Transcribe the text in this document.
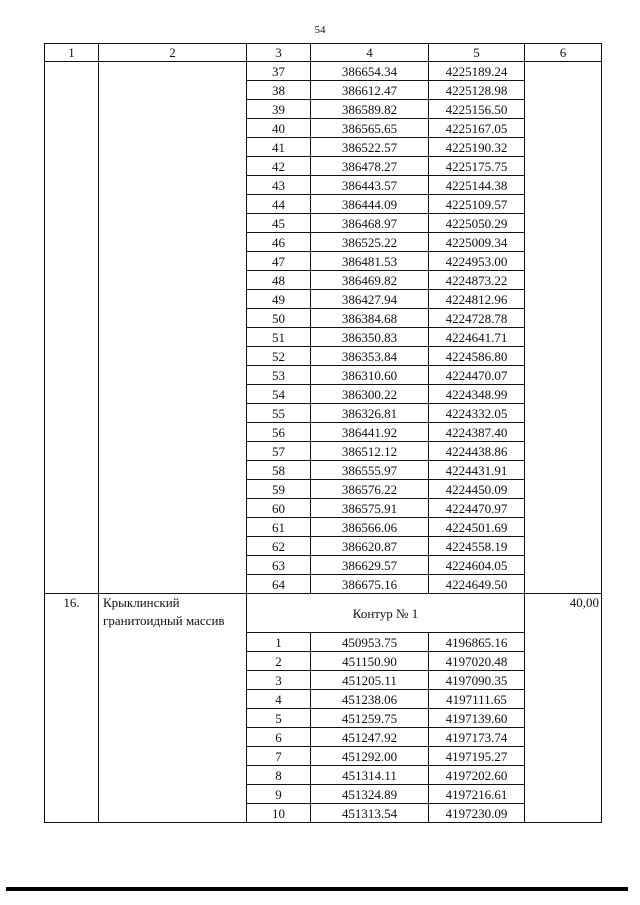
54
1	2	3	4	5	6
		37	386654.34	4225189.24	
		38	386612.47	4225128.98	
		39	386589.82	4225156.50	
		40	386565.65	4225167.05	
		41	386522.57	4225190.32	
		42	386478.27	4225175.75	
		43	386443.57	4225144.38	
		44	386444.09	4225109.57	
		45	386468.97	4225050.29	
		46	386525.22	4225009.34	
		47	386481.53	4224953.00	
		48	386469.82	4224873.22	
		49	386427.94	4224812.96	
		50	386384.68	4224728.78	
		51	386350.83	4224641.71	
		52	386353.84	4224586.80	
		53	386310.60	4224470.07	
		54	386300.22	4224348.99	
		55	386326.81	4224332.05	
		56	386441.92	4224387.40	
		57	386512.12	4224438.86	
		58	386555.97	4224431.91	
		59	386576.22	4224450.09	
		60	386575.91	4224470.97	
		61	386566.06	4224501.69	
		62	386620.87	4224558.19	
		63	386629.57	4224604.05	
		64	386675.16	4224649.50	
16.	Крыклинский гранитоидный массив	Контур № 1			40,00
		1	450953.75	4196865.16	
		2	451150.90	4197020.48	
		3	451205.11	4197090.35	
		4	451238.06	4197111.65	
		5	451259.75	4197139.60	
		6	451247.92	4197173.74	
		7	451292.00	4197195.27	
		8	451314.11	4197202.60	
		9	451324.89	4197216.61	
		10	451313.54	4197230.09	
